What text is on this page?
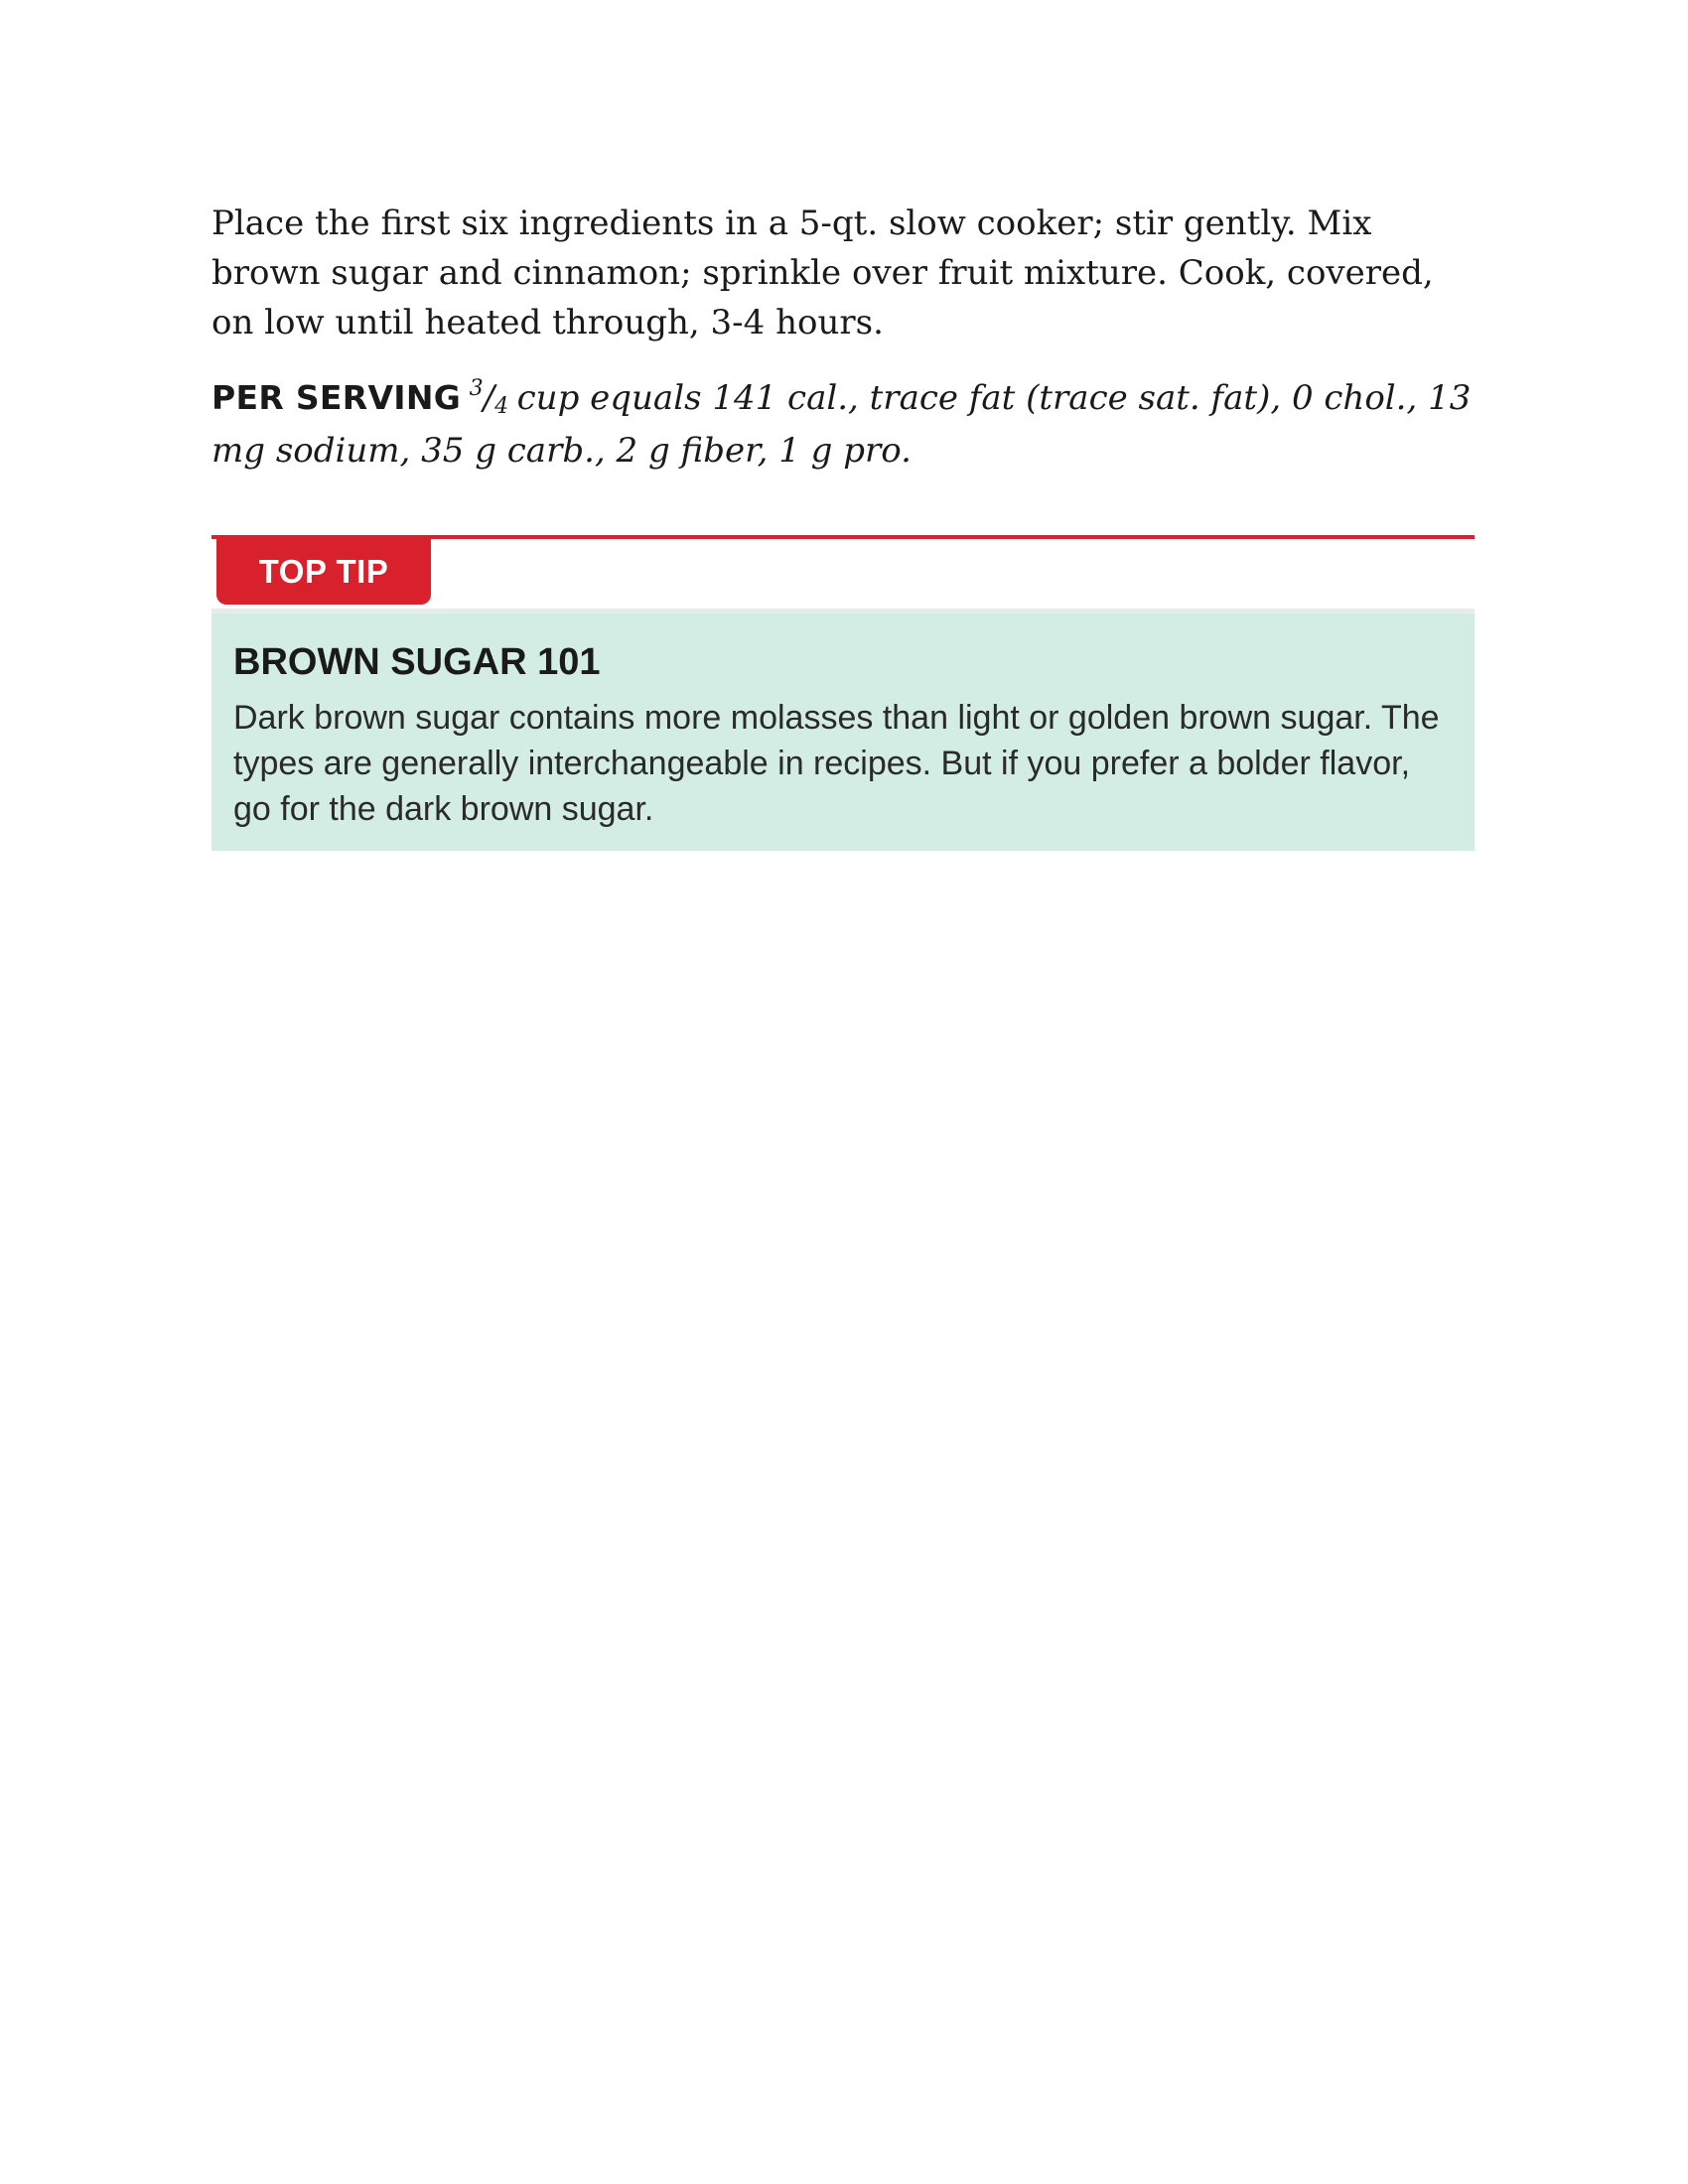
Place the first six ingredients in a 5-qt. slow cooker; stir gently. Mix brown sugar and cinnamon; sprinkle over fruit mixture. Cook, covered, on low until heated through, 3-4 hours.

PER SERVING $^3/_4$ cup equals 141 cal., trace fat (trace sat. fat), 0 chol., 13 mg sodium, 35 g carb., 2 g fiber, 1 g pro.

TOP TIP
BROWN SUGAR 101

Dark brown sugar contains more molasses than light or golden brown sugar. The types are generally interchangeable in recipes. But if you prefer a bolder flavor, go for the dark brown sugar.
